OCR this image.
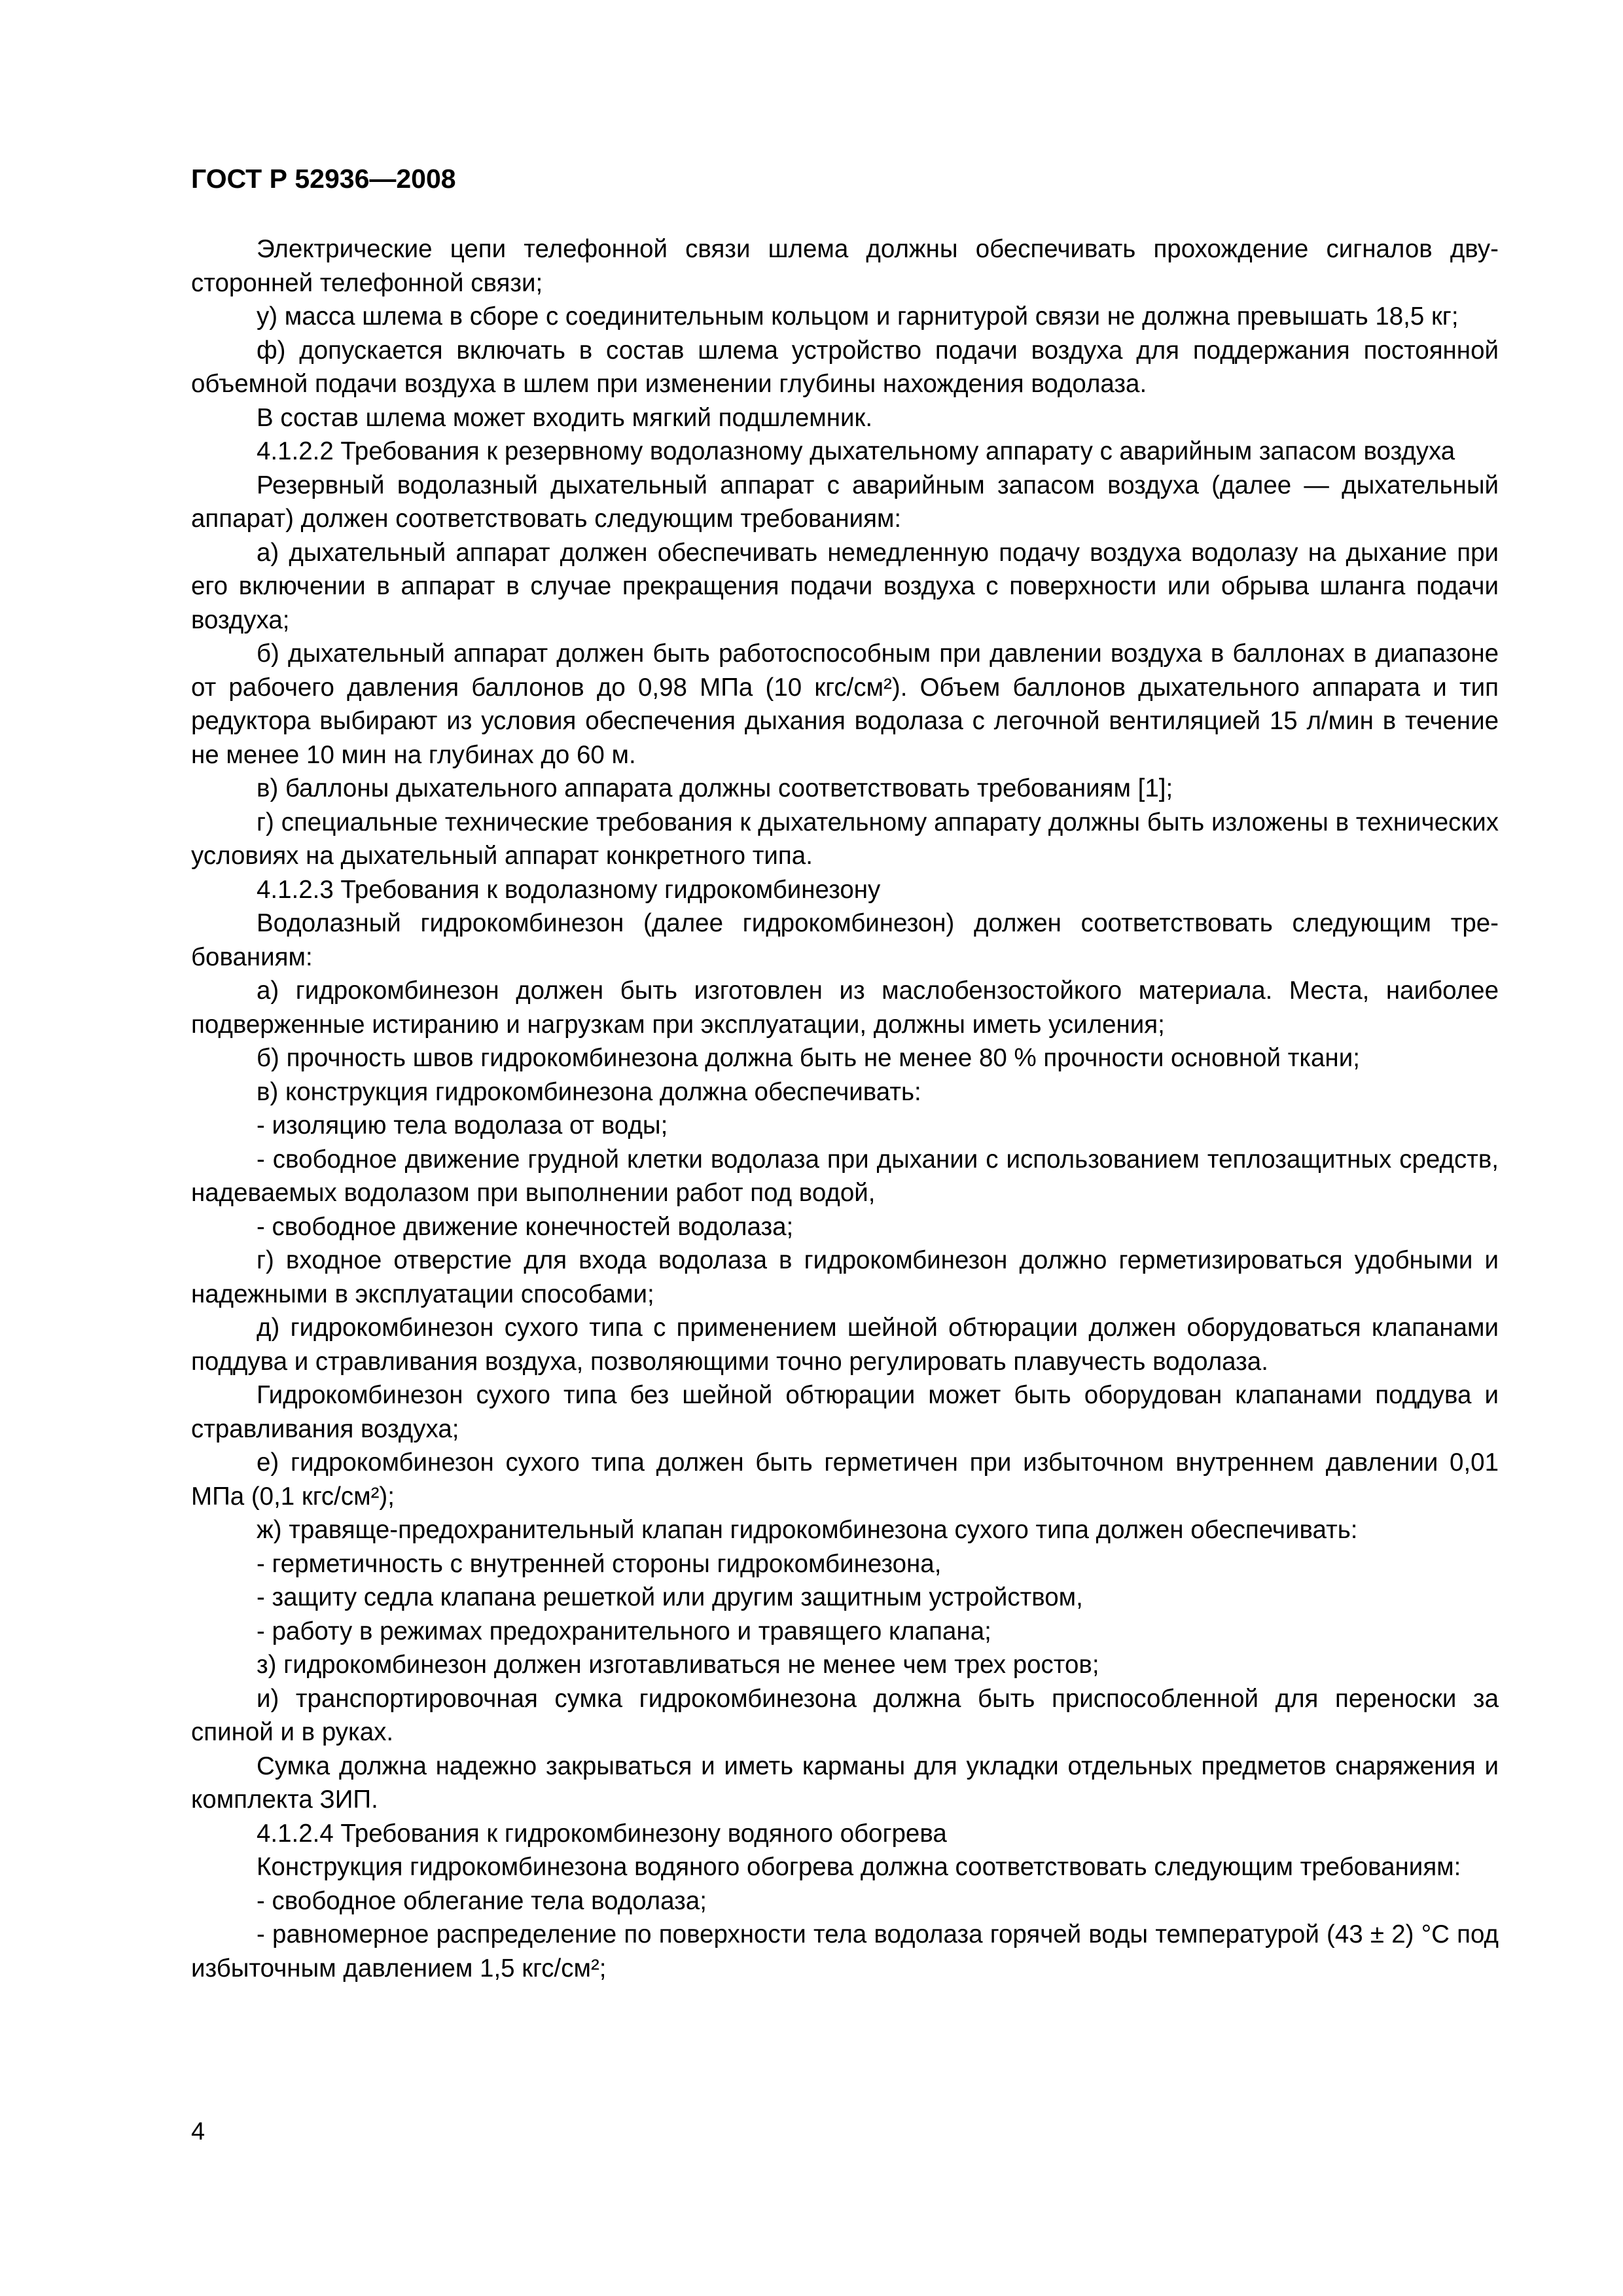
ГОСТ Р 52936—2008

Электрические цепи телефонной связи шлема должны обеспечивать прохождение сигналов двусторонней телефонной связи;

у) масса шлема в сборе с соединительным кольцом и гарнитурой связи не должна превышать 18,5 кг;

ф) допускается включать в состав шлема устройство подачи воздуха для поддержания постоянной объемной подачи воздуха в шлем при изменении глубины нахождения водолаза.

В состав шлема может входить мягкий подшлемник.

4.1.2.2 Требования к резервному водолазному дыхательному аппарату с аварийным запасом воздуха

Резервный водолазный дыхательный аппарат с аварийным запасом воздуха (далее — дыхательный аппарат) должен соответствовать следующим требованиям:

а) дыхательный аппарат должен обеспечивать немедленную подачу воздуха водолазу на дыхание при его включении в аппарат в случае прекращения подачи воздуха с поверхности или обрыва шланга подачи воздуха;

б) дыхательный аппарат должен быть работоспособным при давлении воздуха в баллонах в диапазоне от рабочего давления баллонов до 0,98 МПа (10 кгс/см²). Объем баллонов дыхательного аппарата и тип редуктора выбирают из условия обеспечения дыхания водолаза с легочной вентиляцией 15 л/мин в течение не менее 10 мин на глубинах до 60 м.

в) баллоны дыхательного аппарата должны соответствовать требованиям [1];

г) специальные технические требования к дыхательному аппарату должны быть изложены в технических условиях на дыхательный аппарат конкретного типа.

4.1.2.3 Требования к водолазному гидрокомбинезону

Водолазный гидрокомбинезон (далее гидрокомбинезон) должен соответствовать следующим требованиям:

а) гидрокомбинезон должен быть изготовлен из маслобензостойкого материала. Места, наиболее подверженные истиранию и нагрузкам при эксплуатации, должны иметь усиления;

б) прочность швов гидрокомбинезона должна быть не менее 80 % прочности основной ткани;

в) конструкция гидрокомбинезона должна обеспечивать:

- изоляцию тела водолаза от воды;

- свободное движение грудной клетки водолаза при дыхании с использованием теплозащитных средств, надеваемых водолазом при выполнении работ под водой,

- свободное движение конечностей водолаза;

г) входное отверстие для входа водолаза в гидрокомбинезон должно герметизироваться удобными и надежными в эксплуатации способами;

д) гидрокомбинезон сухого типа с применением шейной обтюрации должен оборудоваться клапанами поддува и стравливания воздуха, позволяющими точно регулировать плавучесть водолаза.

Гидрокомбинезон сухого типа без шейной обтюрации может быть оборудован клапанами поддува и стравливания воздуха;

е) гидрокомбинезон сухого типа должен быть герметичен при избыточном внутреннем давлении 0,01 МПа (0,1 кгс/см²);

ж) травяще-предохранительный клапан гидрокомбинезона сухого типа должен обеспечивать:

- герметичность с внутренней стороны гидрокомбинезона,

- защиту седла клапана решеткой или другим защитным устройством,

- работу в режимах предохранительного и травящего клапана;

з) гидрокомбинезон должен изготавливаться не менее чем трех ростов;

и) транспортировочная сумка гидрокомбинезона должна быть приспособленной для переноски за спиной и в руках.

Сумка должна надежно закрываться и иметь карманы для укладки отдельных предметов снаряжения и комплекта ЗИП.

4.1.2.4 Требования к гидрокомбинезону водяного обогрева

Конструкция гидрокомбинезона водяного обогрева должна соответствовать следующим требованиям:

- свободное облегание тела водолаза;

- равномерное распределение по поверхности тела водолаза горячей воды температурой (43 ± 2) °С под избыточным давлением 1,5 кгс/см²;

4
